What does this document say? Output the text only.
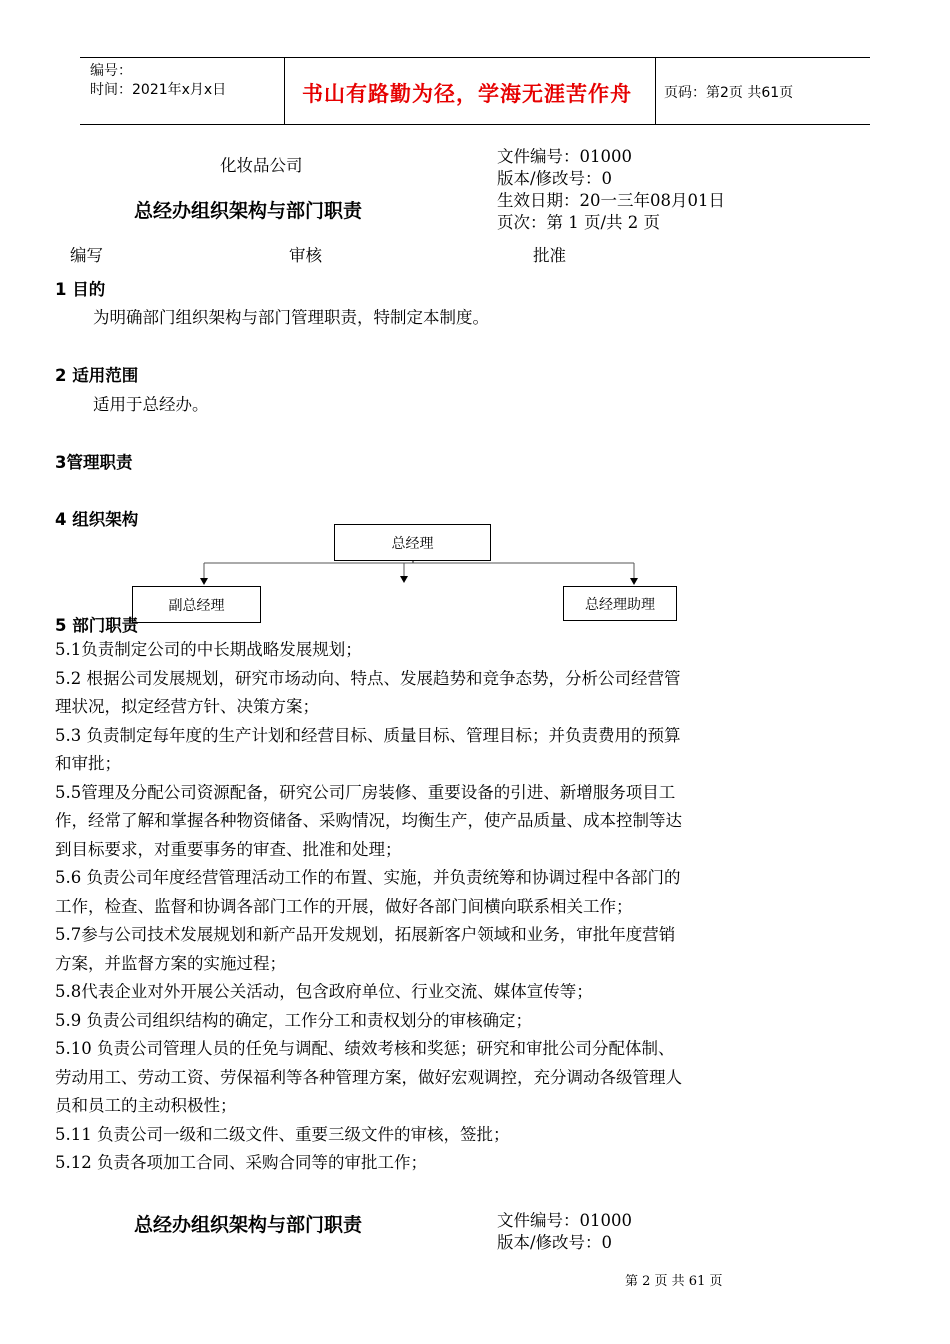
编号：
时间：2021年x月x日	书山有路勤为径，学海无涯苦作舟 页码：第2页 共61页
化妆品公司
总经办组织架构与部门职责
文件编号：01000
版本/修改号：0
生效日期：20一三年08月01日
页次：第 1 页/共 2 页
编写	审核	批准
1 目的
为明确部门组织架构与部门管理职责，特制定本制度。
2 适用范围
适用于总经办。
3管理职责
4 组织架构
总经理
副总经理	总经理助理
5 部门职责
5.1负责制定公司的中长期战略发展规划；
5.2 根据公司发展规划，研究市场动向、特点、发展趋势和竞争态势，分析公司经营管
理状况，拟定经营方针、决策方案；
5.3 负责制定每年度的生产计划和经营目标、质量目标、管理目标；并负责费用的预算
和审批；
5.5管理及分配公司资源配备，研究公司厂房装修、重要设备的引进、新增服务项目工
作，经常了解和掌握各种物资储备、采购情况，均衡生产，使产品质量、成本控制等达
到目标要求，对重要事务的审查、批准和处理；
5.6 负责公司年度经营管理活动工作的布置、实施，并负责统筹和协调过程中各部门的
工作，检查、监督和协调各部门工作的开展，做好各部门间横向联系相关工作；
5.7参与公司技术发展规划和新产品开发规划，拓展新客户领域和业务，审批年度营销
方案，并监督方案的实施过程；
5.8代表企业对外开展公关活动，包含政府单位、行业交流、媒体宣传等；
5.9 负责公司组织结构的确定，工作分工和责权划分的审核确定；
5.10 负责公司管理人员的任免与调配、绩效考核和奖惩；研究和审批公司分配体制、
劳动用工、劳动工资、劳保福利等各种管理方案，做好宏观调控，充分调动各级管理人
员和员工的主动积极性；
5.11 负责公司一级和二级文件、重要三级文件的审核，签批；
5.12 负责各项加工合同、采购合同等的审批工作；
总经办组织架构与部门职责	文件编号：01000
版本/修改号：0
第 2 页 共 61 页
